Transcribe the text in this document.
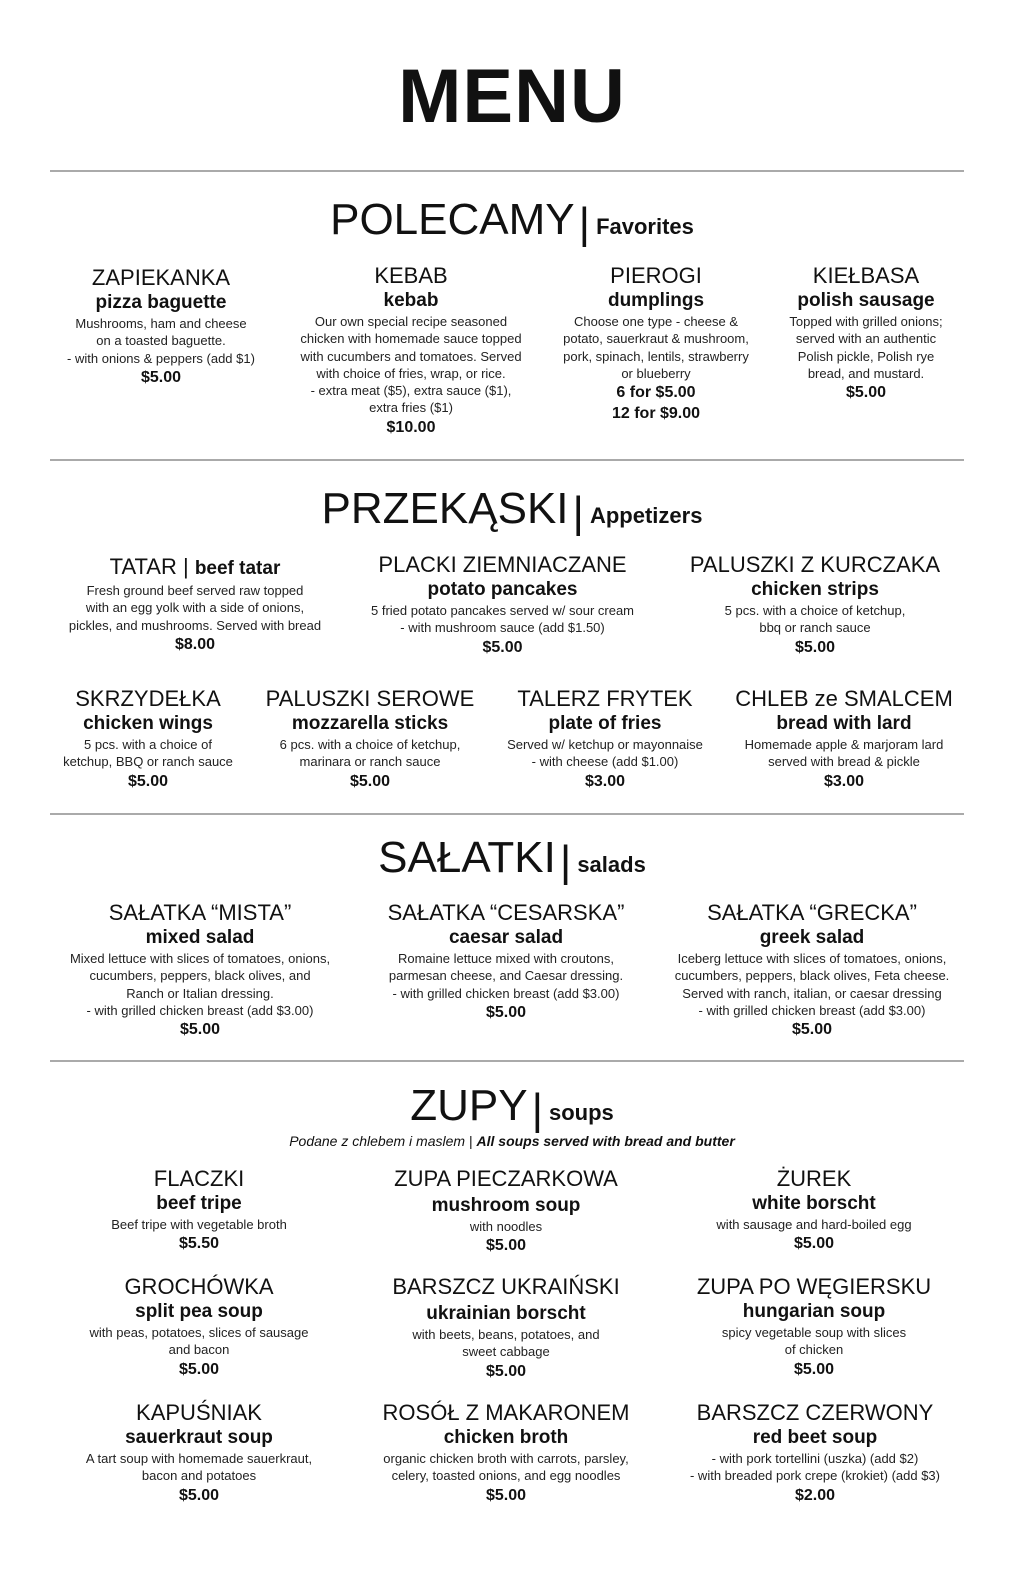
MENU
POLECAMY| Favorites
ZAPIEKANKA
pizza baguette
Mushrooms, ham and cheese
on a toasted baguette.
- with onions & peppers (add $1)
$5.00
KEBAB
kebab
Our own special recipe seasoned
chicken with homemade sauce topped
with cucumbers and tomatoes. Served
with choice of fries, wrap, or rice.
- extra meat ($5), extra sauce ($1),
extra fries ($1)
$10.00
PIEROGI
dumplings
Choose one type - cheese &
potato, sauerkraut & mushroom,
pork, spinach, lentils, strawberry
or blueberry
6 for $5.00
12 for $9.00
KIEŁBASA
polish sausage
Topped with grilled onions;
served with an authentic
Polish pickle, Polish rye
bread, and mustard.
$5.00
PRZEKĄSKI| Appetizers
TATAR | beef tatar
Fresh ground beef served raw topped
with an egg yolk with a side of onions,
pickles, and mushrooms. Served with bread
$8.00
PLACKI ZIEMNIACZANE
potato pancakes
5 fried potato pancakes served w/ sour cream
- with mushroom sauce (add $1.50)
$5.00
PALUSZKI Z KURCZAKA
chicken strips
5 pcs. with a choice of ketchup,
bbq or ranch sauce
$5.00
SKRZYDEŁKA
chicken wings
5 pcs. with a choice of
ketchup, BBQ or ranch sauce
$5.00
PALUSZKI SEROWE
mozzarella sticks
6 pcs. with a choice of ketchup,
marinara or ranch sauce
$5.00
TALERZ FRYTEK
plate of fries
Served w/ ketchup or mayonnaise
- with cheese (add $1.00)
$3.00
CHLEB ze SMALCEM
bread with lard
Homemade apple & marjoram lard
served with bread & pickle
$3.00
SAŁATKI| salads
SAŁATKA “MISTA”
mixed salad
Mixed lettuce with slices of tomatoes, onions,
cucumbers, peppers, black olives, and
Ranch or Italian dressing.
- with grilled chicken breast (add $3.00)
$5.00
SAŁATKA “CESARSKA”
caesar salad
Romaine lettuce mixed with croutons,
parmesan cheese, and Caesar dressing.
- with grilled chicken breast (add $3.00)
$5.00
SAŁATKA “GRECKA”
greek salad
Iceberg lettuce with slices of tomatoes, onions,
cucumbers, peppers, black olives, Feta cheese.
Served with ranch, italian, or caesar dressing
- with grilled chicken breast (add $3.00)
$5.00
ZUPY| soups
Podane z chlebem i maslem | All soups served with bread and butter
FLACZKI
beef tripe
Beef tripe with vegetable broth
$5.50
ZUPA PIECZARKOWA
mushroom soup
with noodles
$5.00
ŻUREK
white borscht
with sausage and hard-boiled egg
$5.00
GROCHÓWKA
split pea soup
with peas, potatoes, slices of sausage
and bacon
$5.00
BARSZCZ UKRAIŃSKI
ukrainian borscht
with beets, beans, potatoes, and
sweet cabbage
$5.00
ZUPA PO WĘGIERSKU
hungarian soup
spicy vegetable soup with slices
of chicken
$5.00
KAPUŚNIAK
sauerkraut soup
A tart soup with homemade sauerkraut,
bacon and potatoes
$5.00
ROSÓŁ Z MAKARONEM
chicken broth
organic chicken broth with carrots, parsley,
celery, toasted onions, and egg noodles
$5.00
BARSZCZ CZERWONY
red beet soup
- with pork tortellini (uszka) (add $2)
- with breaded pork crepe (krokiet) (add $3)
$2.00
